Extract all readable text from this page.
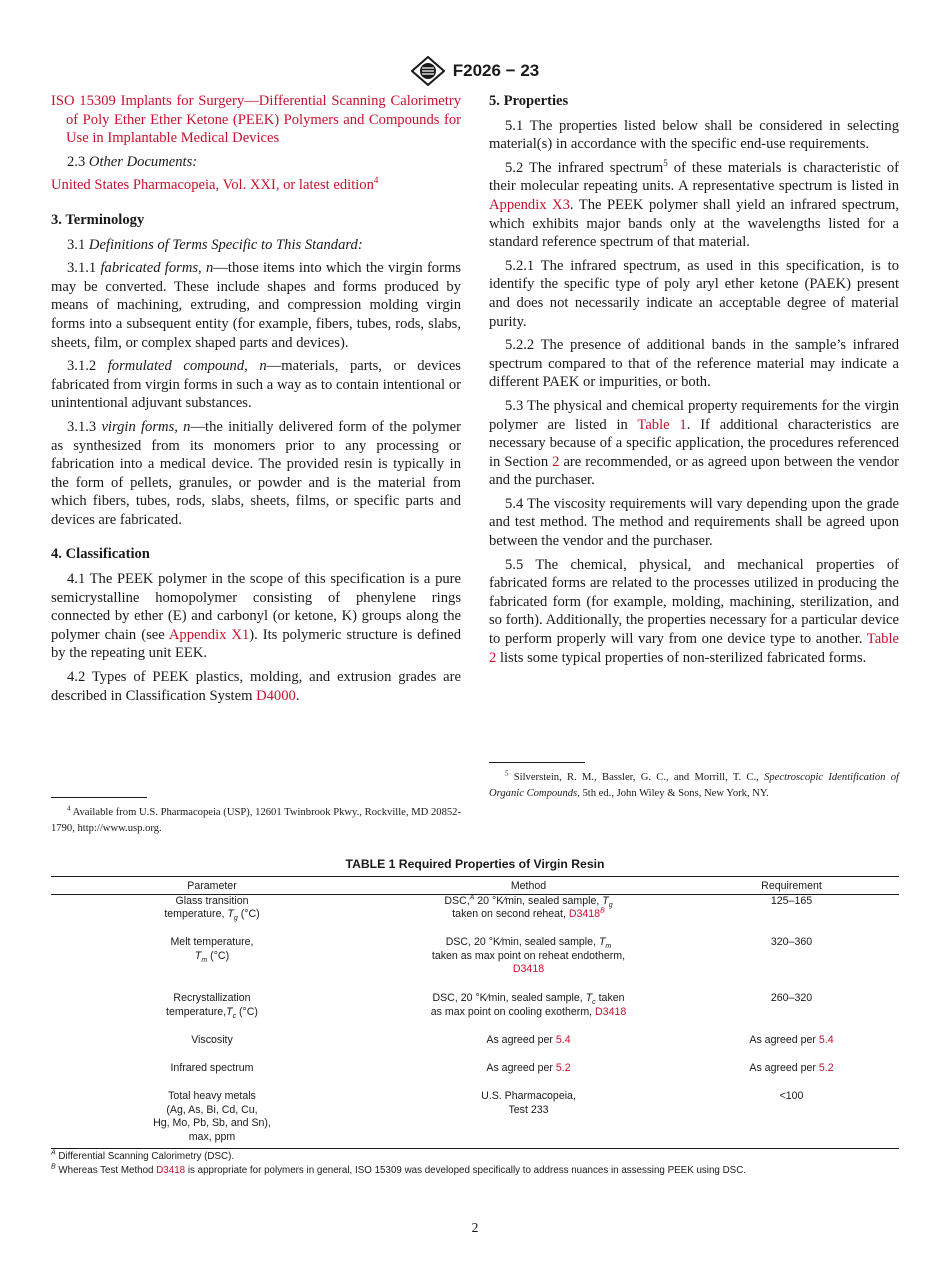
F2026 − 23

ISO 15309 Implants for Surgery—Differential Scanning Calorimetry of Poly Ether Ether Ketone (PEEK) Polymers and Compounds for Use in Implantable Medical Devices

2.3 Other Documents:

United States Pharmacopeia, Vol. XXI, or latest edition$^4$

3. Terminology

3.1 Definitions of Terms Specific to This Standard:

3.1.1 fabricated forms, n—those items into which the virgin forms may be converted. These include shapes and forms produced by means of machining, extruding, and compression molding virgin forms into a subsequent entity (for example, fibers, tubes, rods, slabs, sheets, film, or complex shaped parts and devices).

3.1.2 formulated compound, n—materials, parts, or devices fabricated from virgin forms in such a way as to contain intentional or unintentional adjuvant substances.

3.1.3 virgin forms, n—the initially delivered form of the polymer as synthesized from its monomers prior to any processing or fabrication into a medical device. The provided resin is typically in the form of pellets, granules, or powder and is the material from which fibers, tubes, rods, slabs, sheets, films, or specific parts and devices are fabricated.

4. Classification

4.1 The PEEK polymer in the scope of this specification is a pure semicrystalline homopolymer consisting of phenylene rings connected by ether (E) and carbonyl (or ketone, K) groups along the polymer chain (see Appendix X1). Its polymeric structure is defined by the repeating unit EEK.

4.2 Types of PEEK plastics, molding, and extrusion grades are described in Classification System D4000.

5. Properties

5.1 The properties listed below shall be considered in selecting material(s) in accordance with the specific end-use requirements.

5.2 The infrared spectrum$^5$ of these materials is characteristic of their molecular repeating units. A representative spectrum is listed in Appendix X3. The PEEK polymer shall yield an infrared spectrum, which exhibits major bands only at the wavelengths listed for a standard reference spectrum of that material.

5.2.1 The infrared spectrum, as used in this specification, is to identify the specific type of poly aryl ether ketone (PAEK) present and does not necessarily indicate an acceptable degree of material purity.

5.2.2 The presence of additional bands in the sample’s infrared spectrum compared to that of the reference material may indicate a different PAEK or impurities, or both.

5.3 The physical and chemical property requirements for the virgin polymer are listed in Table 1. If additional characteristics are necessary because of a specific application, the procedures referenced in Section 2 are recommended, or as agreed upon between the vendor and the purchaser.

5.4 The viscosity requirements will vary depending upon the grade and test method. The method and requirements shall be agreed upon between the vendor and the purchaser.

5.5 The chemical, physical, and mechanical properties of fabricated forms are related to the processes utilized in producing the fabricated form (for example, molding, machining, sterilization, and so forth). Additionally, the properties necessary for a particular device to perform properly will vary from one device type to another. Table 2 lists some typical properties of non-sterilized fabricated forms.

$^5$ Silverstein, R. M., Bassler, G. C., and Morrill, T. C., Spectroscopic Identification of Organic Compounds, 5th ed., John Wiley & Sons, New York, NY.

$^4$ Available from U.S. Pharmacopeia (USP), 12601 Twinbrook Pkwy., Rockville, MD 20852-1790, http://www.usp.org.

TABLE 1 Required Properties of Virgin Resin
Parameter	Method	Requirement
Glass transition
temperature, $T_g$ (°C)	DSC,$^A$ 20 °K⁄min, sealed sample, $T_g$
taken on second reheat, $D3418^B$	125–165
Melt temperature,
$T_m$ (°C)	DSC, 20 °K⁄min, sealed sample, $T_m$
taken as max point on reheat endotherm,
D3418	320–360
Recrystallization
$temperature,T_c$ (°C)	DSC, 20 °K⁄min, sealed sample, $T_c$ taken
as max point on cooling exotherm, D3418	260–320
Viscosity	As agreed per 5.4	As agreed per 5.4
Infrared spectrum	As agreed per 5.2	As agreed per 5.2
Total heavy metals
(Ag, As, Bi, Cd, Cu,
Hg, Mo, Pb, Sb, and Sn),
max, ppm	U.S. Pharmacopeia,
Test 233	<100
$^A$ Differential Scanning Calorimetry (DSC).
$^B$ Whereas Test Method D3418 is appropriate for polymers in general, ISO 15309 was developed specifically to address nuances in assessing PEEK using DSC.
2
